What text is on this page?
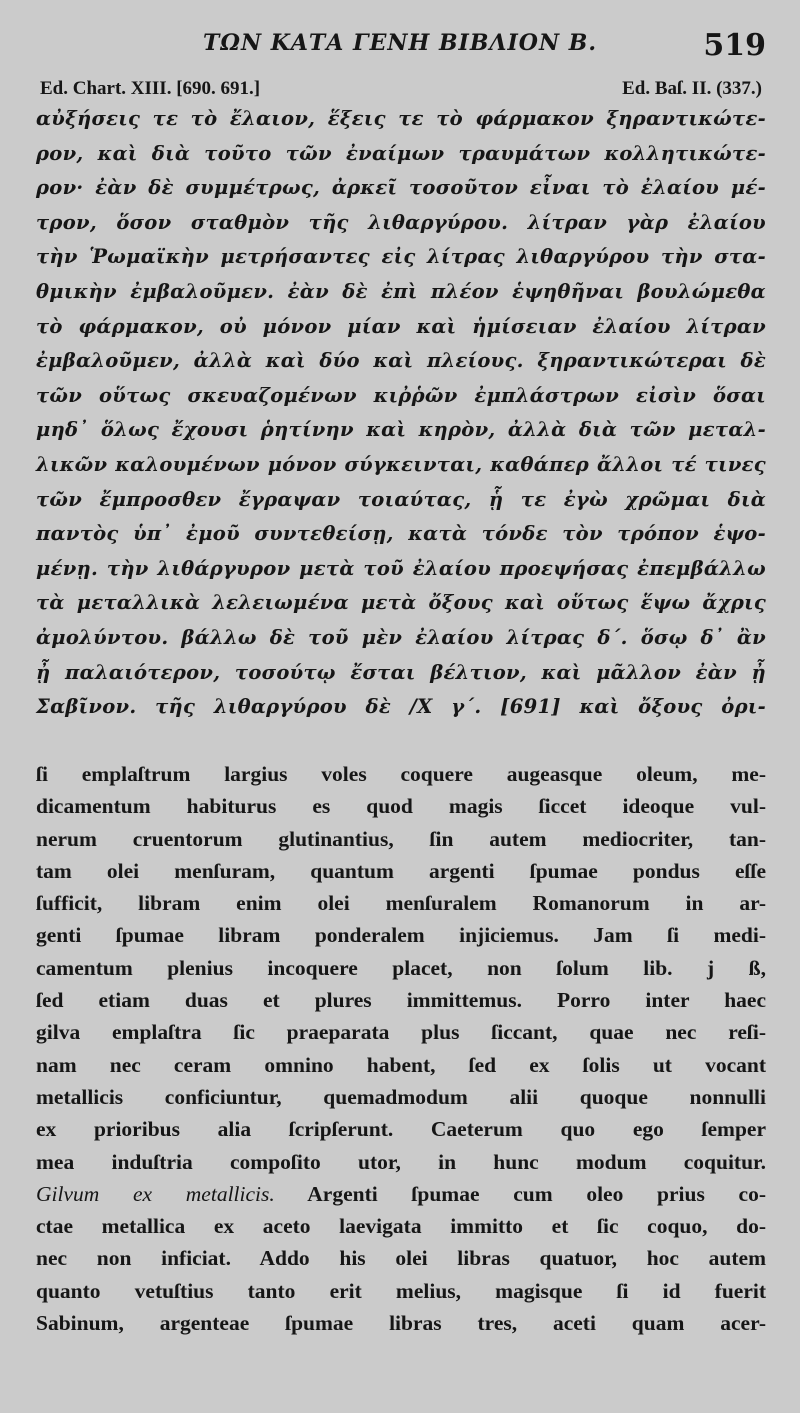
ΤΩΝ ΚΑΤΑ ΓΕΝΗ ΒΙΒΛΙΟΝ Β.	519
Ed. Chart. XIII. [690. 691.]	Ed. Baſ. II. (337.)
αὐξήσεις τε τὸ ἔλαιον, ἕξεις τε τὸ φάρμακον ξηραντικώτε-
ρον, καὶ διὰ τοῦτο τῶν ἐναίμων τραυμάτων κολλητικώτε-
ρον· ἐὰν δὲ συμμέτρως, ἀρκεῖ τοσοῦτον εἶναι τὸ ἐλαίου μέ-
τρον, ὅσον σταθμὸν τῆς λιθαργύρου. λίτραν γὰρ ἐλαίου
τὴν Ῥωμαϊκὴν μετρήσαντες εἰς λίτρας λιθαργύρου τὴν στα-
θμικὴν ἐμβαλοῦμεν. ἐὰν δὲ ἐπὶ πλέον ἑψηθῆναι βουλώμεθα
τὸ φάρμακον, οὐ μόνον μίαν καὶ ἡμίσειαν ἐλαίου λίτραν
ἐμβαλοῦμεν, ἀλλὰ καὶ δύο καὶ πλείους. ξηραντικώτεραι δὲ
τῶν οὕτως σκευαζομένων κιῤῥῶν ἐμπλάστρων εἰσὶν ὅσαι
μηδ᾽ ὅλως ἔχουσι ῥητίνην καὶ κηρὸν, ἀλλὰ διὰ τῶν μεταλ-
λικῶν καλουμένων μόνον σύγκεινται, καθάπερ ἄλλοι τέ τινες
τῶν ἔμπροσθεν ἔγραψαν τοιαύτας, ᾗ τε ἐγὼ χρῶμαι διὰ
παντὸς ὑπ᾽ ἐμοῦ συντεθείσῃ, κατὰ τόνδε τὸν τρόπον ἑψο-
μένῃ. τὴν λιθάργυρον μετὰ τοῦ ἐλαίου προεψήσας ἐπεμβάλλω
τὰ μεταλλικὰ λελειωμένα μετὰ ὄξους καὶ οὕτως ἕψω ἄχρις
ἀμολύντου. βάλλω δὲ τοῦ μὲν ἐλαίου λίτρας δ΄. ὅσῳ δ᾽ ἂν
ᾖ παλαιότερον, τοσούτῳ ἔσται βέλτιον, καὶ μᾶλλον ἐὰν ᾖ
Σαβῖνον. τῆς λιθαργύρου δὲ /X γ΄. [691] καὶ ὄξους ὀρι-
ſi emplaſtrum largius voles coquere augeasque oleum, me-
dicamentum habiturus es quod magis ſiccet ideoque vul-
nerum cruentorum glutinantius, ſin autem mediocriter, tan-
tam olei menſuram, quantum argenti ſpumae pondus eſſe
ſufficit, libram enim olei menſuralem Romanorum in ar-
genti ſpumae libram ponderalem injiciemus. Jam ſi medi-
camentum plenius incoquere placet, non ſolum lib. j ß,
ſed etiam duas et plures immittemus. Porro inter haec
gilva emplaſtra ſic praeparata plus ſiccant, quae nec reſi-
nam nec ceram omnino habent, ſed ex ſolis ut vocant
metallicis conficiuntur, quemadmodum alii quoque nonnulli
ex prioribus alia ſcripſerunt. Caeterum quo ego ſemper
mea induſtria compoſito utor, in hunc modum coquitur.
Gilvum ex metallicis. Argenti ſpumae cum oleo prius co-
ctae metallica ex aceto laevigata immitto et ſic coquo, do-
nec non inficiat. Addo his olei libras quatuor, hoc autem
quanto vetuſtius tanto erit melius, magisque ſi id fuerit
Sabinum, argenteae ſpumae libras tres, aceti quam acer-
